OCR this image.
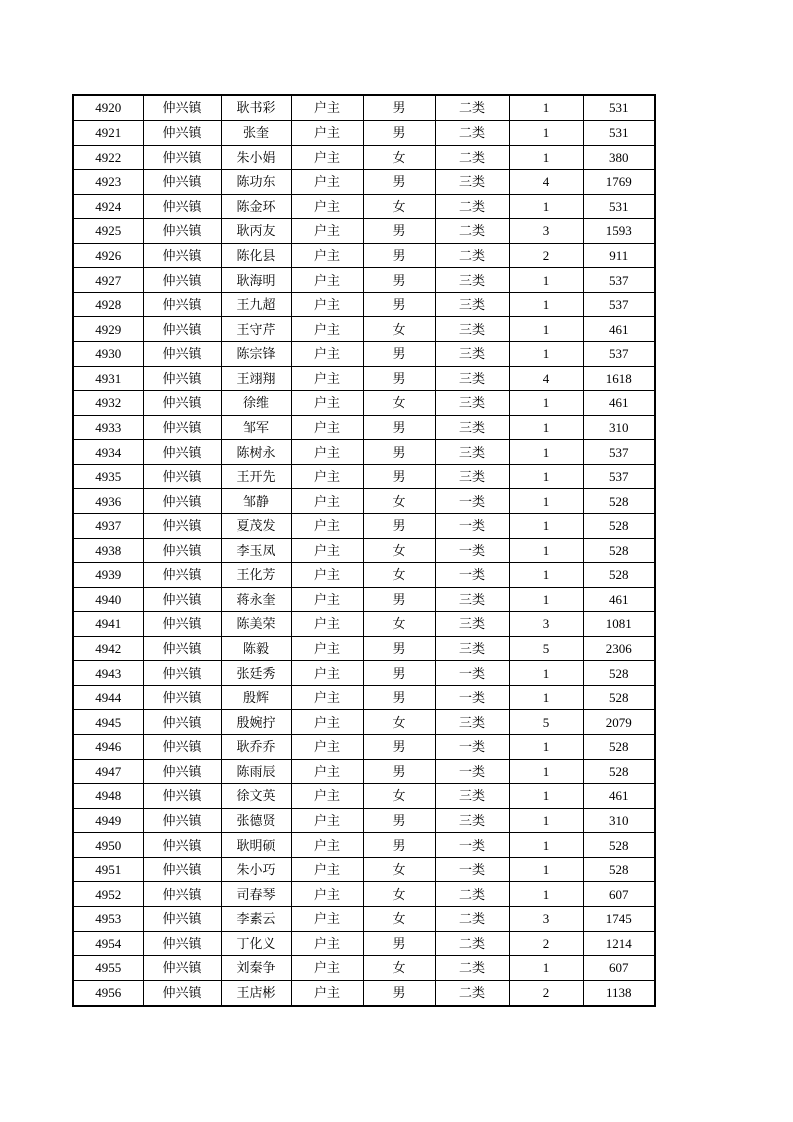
4920	仲兴镇	耿书彩	户主	男	二类	1	531
4921	仲兴镇	张奎	户主	男	二类	1	531
4922	仲兴镇	朱小娟	户主	女	二类	1	380
4923	仲兴镇	陈功东	户主	男	三类	4	1769
4924	仲兴镇	陈金环	户主	女	二类	1	531
4925	仲兴镇	耿丙友	户主	男	二类	3	1593
4926	仲兴镇	陈化县	户主	男	二类	2	911
4927	仲兴镇	耿海明	户主	男	三类	1	537
4928	仲兴镇	王九超	户主	男	三类	1	537
4929	仲兴镇	王守芹	户主	女	三类	1	461
4930	仲兴镇	陈宗锋	户主	男	三类	1	537
4931	仲兴镇	王翊翔	户主	男	三类	4	1618
4932	仲兴镇	徐维	户主	女	三类	1	461
4933	仲兴镇	邹军	户主	男	三类	1	310
4934	仲兴镇	陈树永	户主	男	三类	1	537
4935	仲兴镇	王开先	户主	男	三类	1	537
4936	仲兴镇	邹静	户主	女	一类	1	528
4937	仲兴镇	夏茂发	户主	男	一类	1	528
4938	仲兴镇	李玉凤	户主	女	一类	1	528
4939	仲兴镇	王化芳	户主	女	一类	1	528
4940	仲兴镇	蒋永奎	户主	男	三类	1	461
4941	仲兴镇	陈美荣	户主	女	三类	3	1081
4942	仲兴镇	陈毅	户主	男	三类	5	2306
4943	仲兴镇	张廷秀	户主	男	一类	1	528
4944	仲兴镇	殷辉	户主	男	一类	1	528
4945	仲兴镇	殷婉拧	户主	女	三类	5	2079
4946	仲兴镇	耿乔乔	户主	男	一类	1	528
4947	仲兴镇	陈雨辰	户主	男	一类	1	528
4948	仲兴镇	徐文英	户主	女	三类	1	461
4949	仲兴镇	张德贤	户主	男	三类	1	310
4950	仲兴镇	耿明硕	户主	男	一类	1	528
4951	仲兴镇	朱小巧	户主	女	一类	1	528
4952	仲兴镇	司春琴	户主	女	二类	1	607
4953	仲兴镇	李素云	户主	女	二类	3	1745
4954	仲兴镇	丁化义	户主	男	二类	2	1214
4955	仲兴镇	刘秦争	户主	女	二类	1	607
4956	仲兴镇	王店彬	户主	男	二类	2	1138
